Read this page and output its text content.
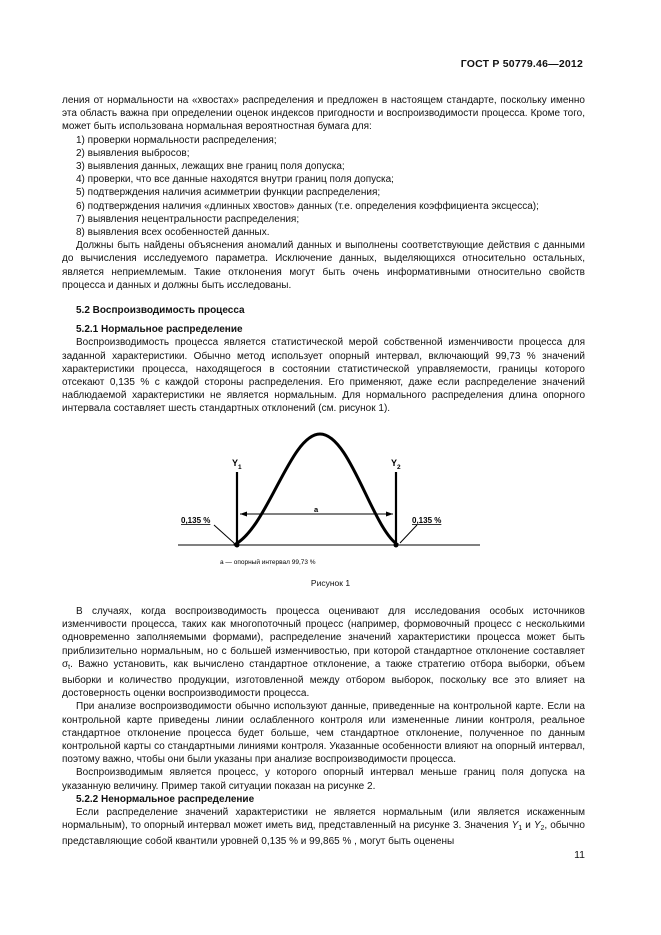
ГОСТ Р 50779.46—2012

ления от нормальности на «хвостах» распределения и предложен в настоящем стандарте, поскольку именно эта область важна при определении оценок индексов пригодности и воспроизводимости процесса. Кроме того, может быть использована нормальная вероятностная бумага для:

1) проверки нормальности распределения;

2) выявления выбросов;

3) выявления данных, лежащих вне границ поля допуска;

4) проверки, что все данные находятся внутри границ поля допуска;

5) подтверждения наличия асимметрии функции распределения;

6) подтверждения наличия «длинных хвостов» данных (т.е. определения коэффициента эксцесса);

7) выявления нецентральности распределения;

8) выявления всех особенностей данных.

Должны быть найдены объяснения аномалий данных и выполнены соответствующие действия с данными до вычисления исследуемого параметра. Исключение данных, выделяющихся относительно остальных, является неприемлемым. Такие отклонения могут быть очень информативными относительно свойств процесса и данных и должны быть исследованы.

5.2 Воспроизводимость процесса

5.2.1 Нормальное распределение

Воспроизводимость процесса является статистической мерой собственной изменчивости процесса для заданной характеристики. Обычно метод использует опорный интервал, включающий 99,73 % значений характеристики процесса, находящегося в состоянии статистической управляемости, границы которого отсекают 0,135 % с каждой стороны распределения. Его применяют, даже если распределение значений наблюдаемой характеристики не является нормальным. Для нормального распределения длина опорного интервала составляет шесть стандартных отклонений (см. рисунок 1).

$Y_1$	$Y_2$
a
0,135 %	0,135 %
a — опорный интервал 99,73 %
Рисунок 1

В случаях, когда воспроизводимость процесса оценивают для исследования особых источников изменчивости процесса, таких как многопоточный процесс (например, формовочный процесс с несколькими одновременно заполняемыми формами), распределение значений характеристики процесса может быть приблизительно нормальным, но с большей изменчивостью, при которой стандартное отклонение составляет $\sigma_t$. Важно установить, как вычислено стандартное отклонение, а также стратегию отбора выборки, объем выборки и количество продукции, изготовленной между отбором выборок, поскольку все это влияет на достоверность оценки воспроизводимости процесса.

При анализе воспроизводимости обычно используют данные, приведенные на контрольной карте. Если на контрольной карте приведены линии ослабленного контроля или измененные линии контроля, реальное стандартное отклонение процесса будет больше, чем стандартное отклонение, полученное по данным контрольной карты со стандартными линиями контроля. Указанные особенности влияют на опорный интервал, поэтому важно, чтобы они были указаны при анализе воспроизводимости процесса.

Воспроизводимым является процесс, у которого опорный интервал меньше границ поля допуска на указанную величину. Пример такой ситуации показан на рисунке 2.

5.2.2 Ненормальное распределение

Если распределение значений характеристики не является нормальным (или является искаженным нормальным), то опорный интервал может иметь вид, представленный на рисунке 3. Значения $Y_1$ и $Y_2$, обычно представляющие собой квантили уровней 0,135 % и 99,865 % , могут быть оценены

11
